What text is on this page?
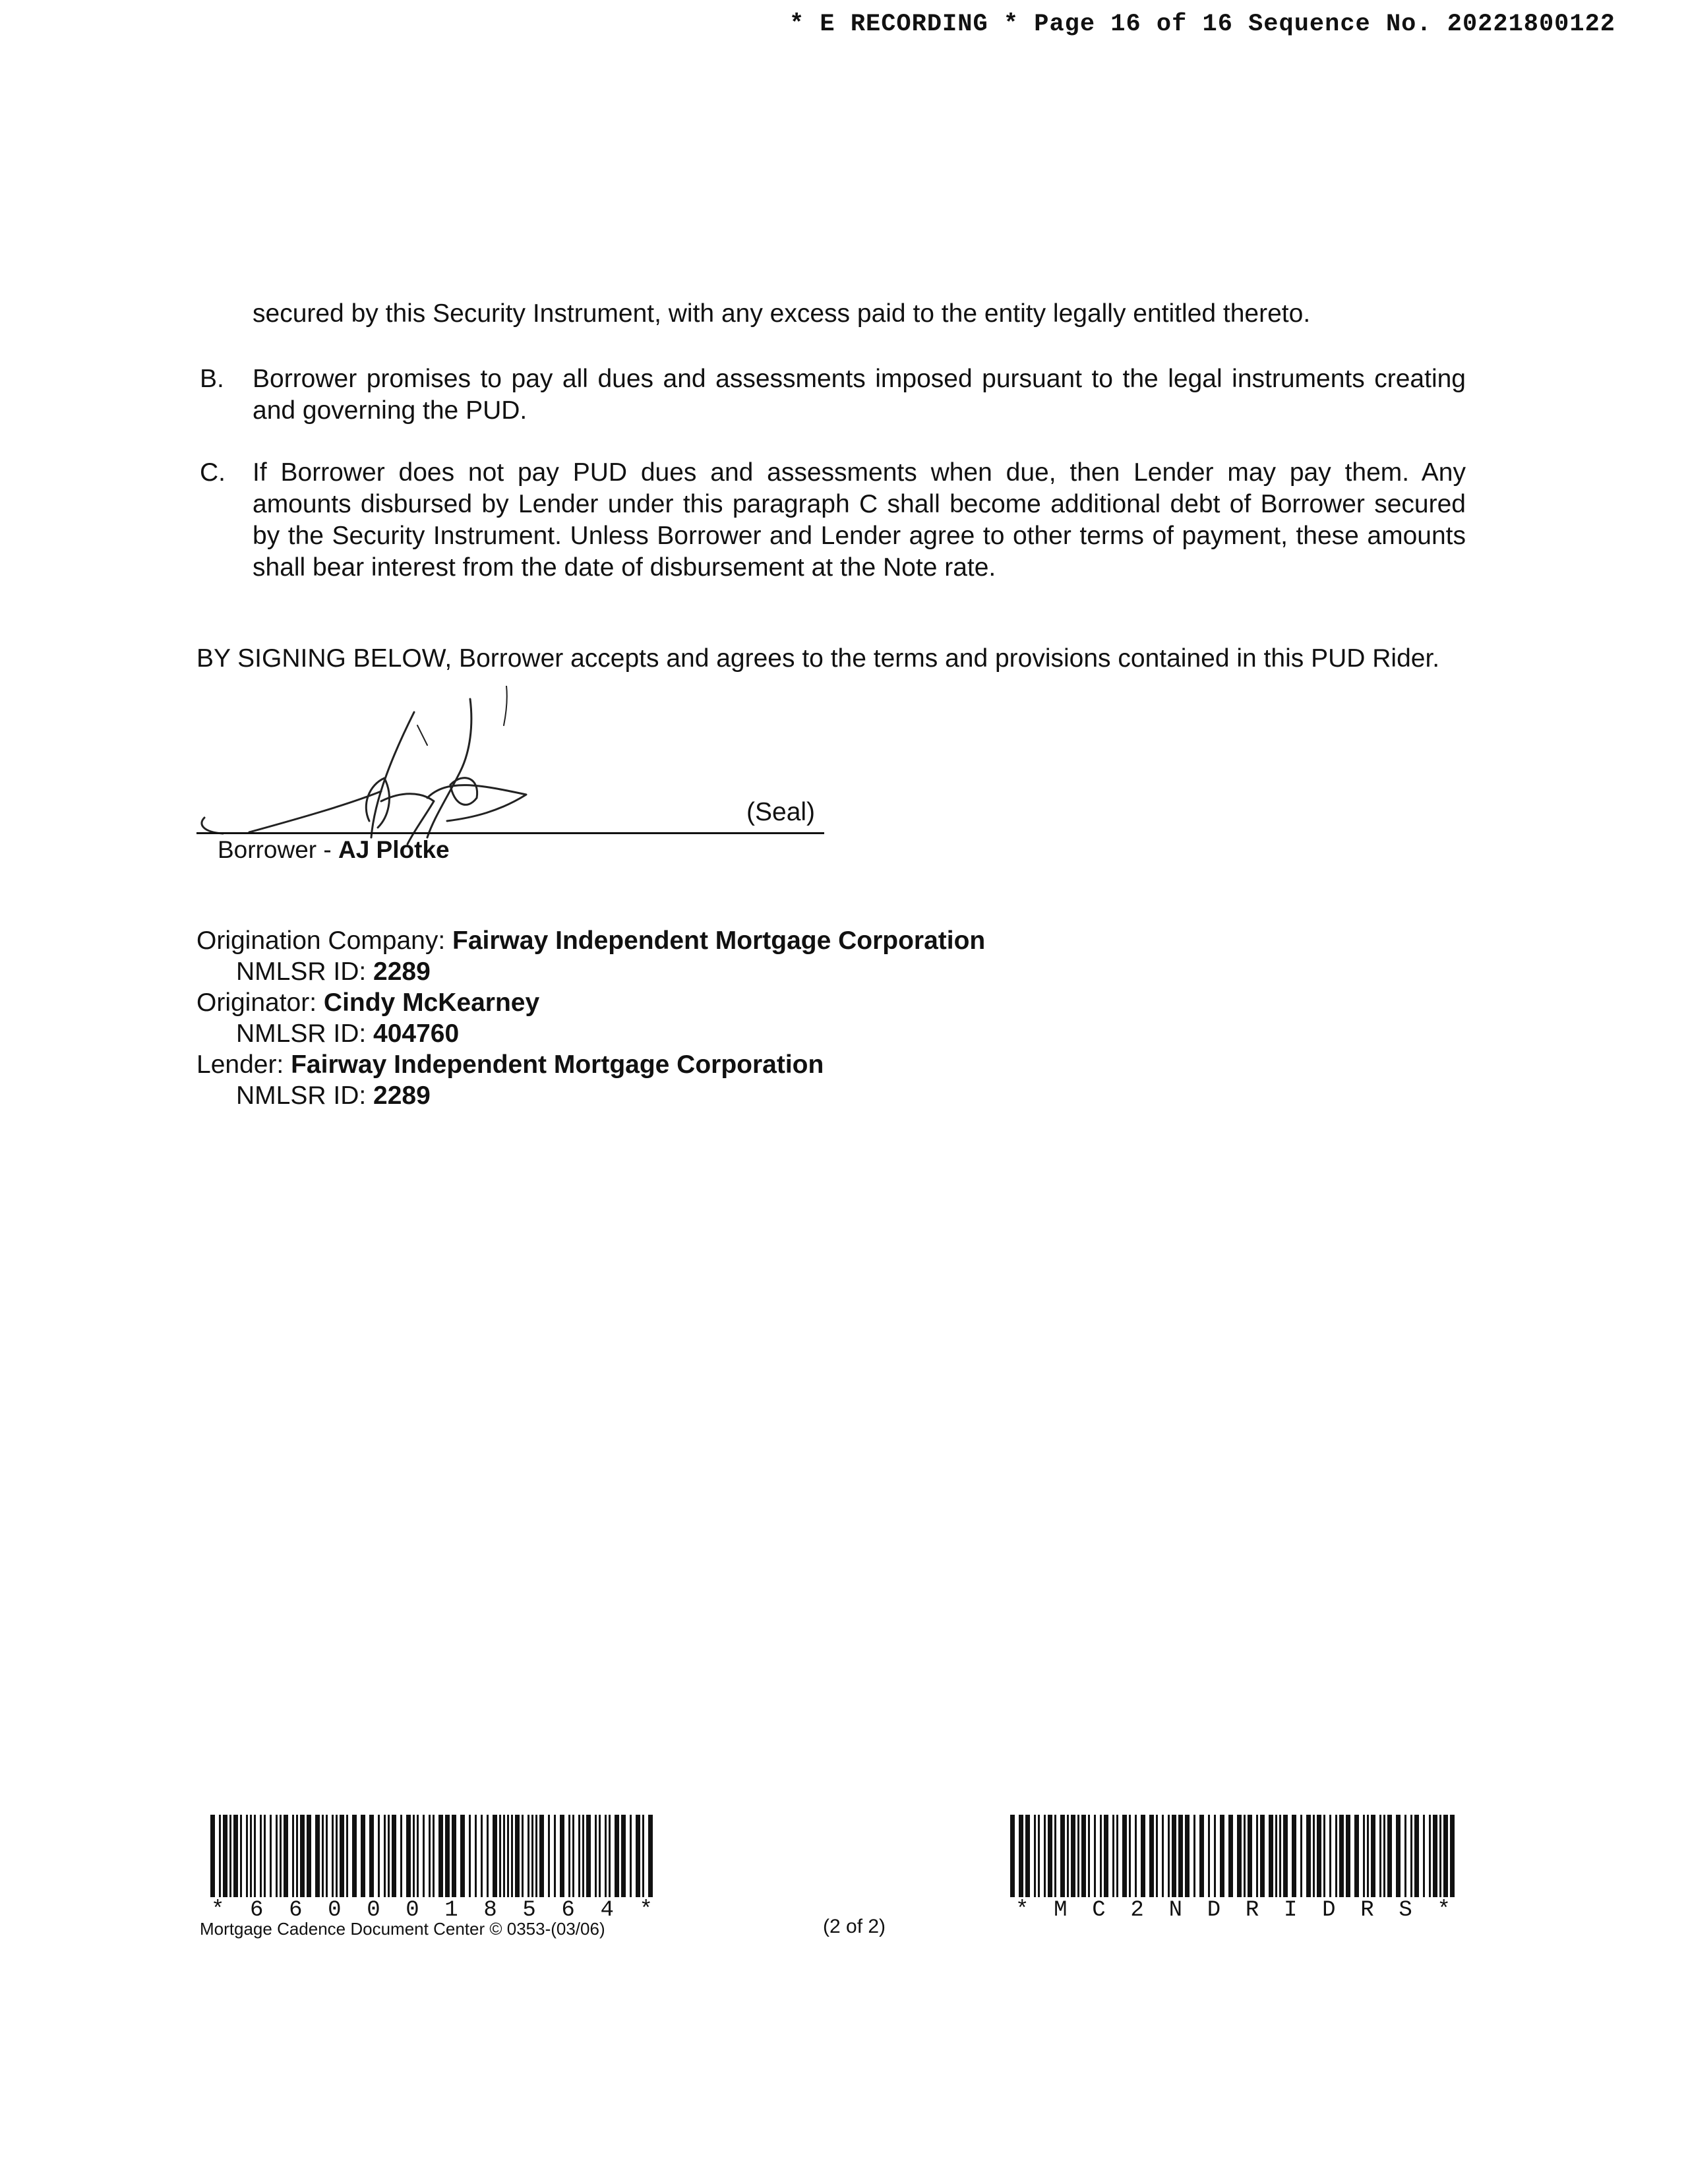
* E RECORDING * Page 16 of 16 Sequence No. 20221800122
secured by this Security Instrument, with any excess paid to the entity legally entitled thereto.
B. Borrower promises to pay all dues and assessments imposed pursuant to the legal instruments creating and governing the PUD.
C. If Borrower does not pay PUD dues and assessments when due, then Lender may pay them. Any amounts disbursed by Lender under this paragraph C shall become additional debt of Borrower secured by the Security Instrument. Unless Borrower and Lender agree to other terms of payment, these amounts shall bear interest from the date of disbursement at the Note rate.
BY SIGNING BELOW, Borrower accepts and agrees to the terms and provisions contained in this PUD Rider.
(Seal)
Borrower - AJ Plotke
Origination Company: Fairway Independent Mortgage Corporation
NMLSR ID: 2289
Originator: Cindy McKearney
NMLSR ID: 404760
Lender: Fairway Independent Mortgage Corporation
NMLSR ID: 2289
* 6 6 0 0 0 1 8 5 6 4 *	* M C 2 N D R I D R S *
Mortgage Cadence Document Center © 0353-(03/06)	(2 of 2)
